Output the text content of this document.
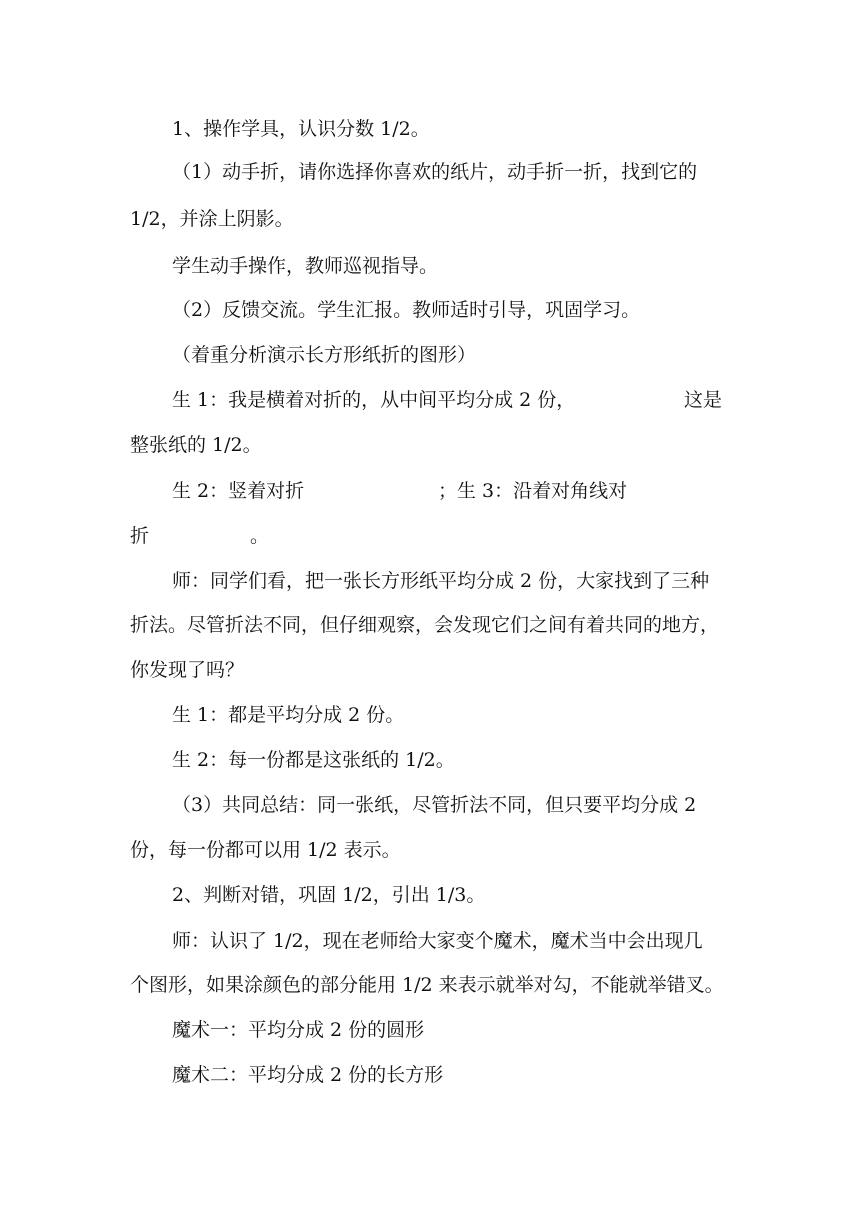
1、操作学具，认识分数 1/2。
（1）动手折，请你选择你喜欢的纸片，动手折一折，找到它的
1/2，并涂上阴影。
学生动手操作，教师巡视指导。
（2）反馈交流。学生汇报。教师适时引导，巩固学习。
（着重分析演示长方形纸折的图形）
生 1：我是横着对折的，从中间平均分成 2 份，	这是
整张纸的 1/2。
生 2：竖着对折	；生 3：沿着对角线对
折	。
师：同学们看，把一张长方形纸平均分成 2 份，大家找到了三种
折法。尽管折法不同，但仔细观察，会发现它们之间有着共同的地方，
你发现了吗？
生 1：都是平均分成 2 份。
生 2：每一份都是这张纸的 1/2。
（3）共同总结：同一张纸，尽管折法不同，但只要平均分成 2
份，每一份都可以用 1/2 表示。
2、判断对错，巩固 1/2，引出 1/3。
师：认识了 1/2，现在老师给大家变个魔术，魔术当中会出现几
个图形，如果涂颜色的部分能用 1/2 来表示就举对勾，不能就举错叉。
魔术一：平均分成 2 份的圆形
魔术二：平均分成 2 份的长方形
